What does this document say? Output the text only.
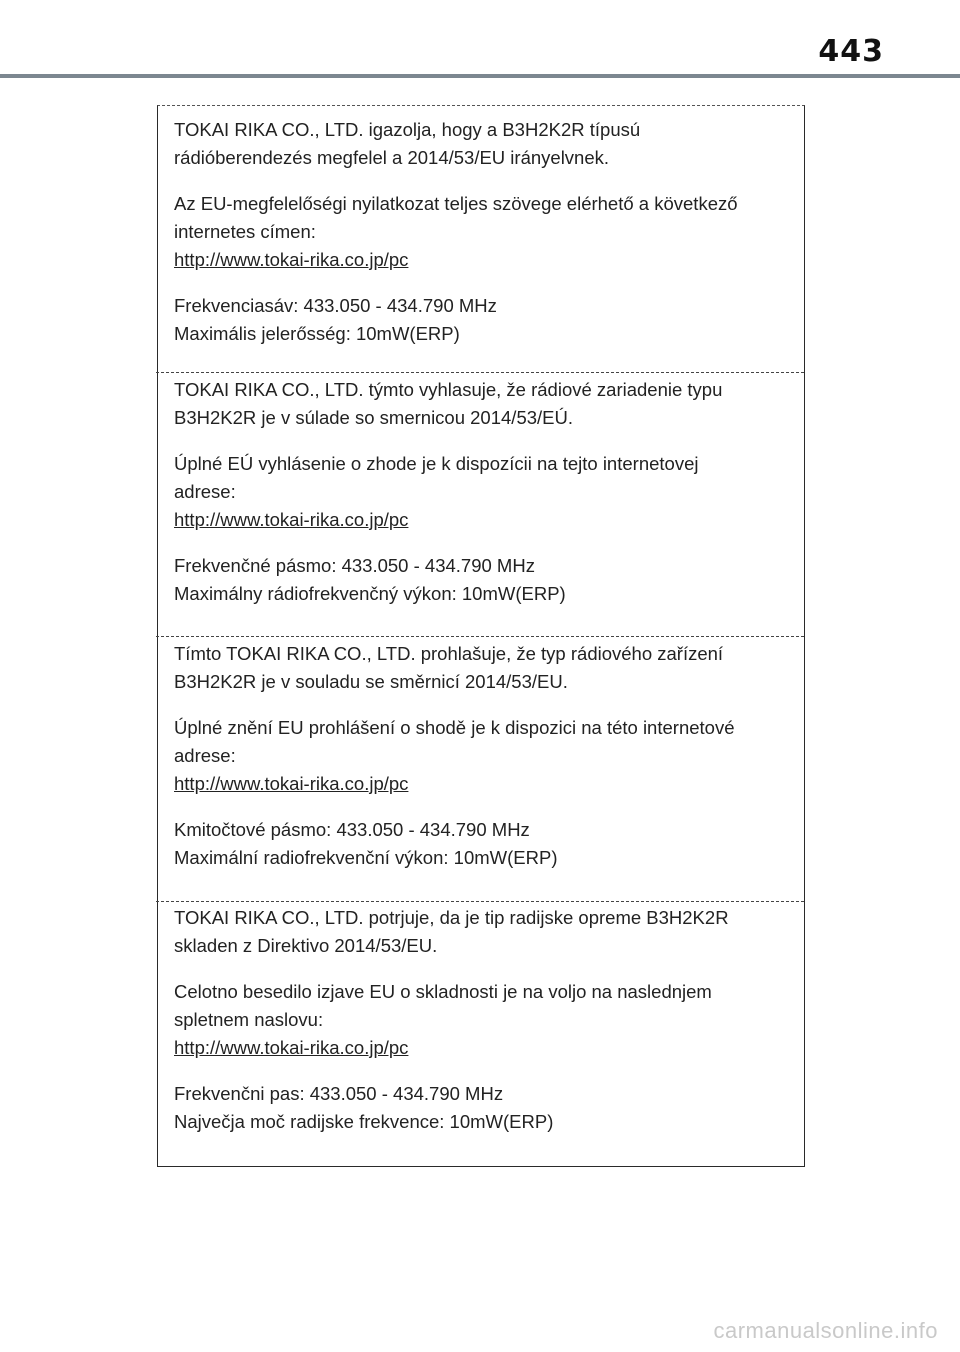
443

TOKAI RIKA CO., LTD. igazolja, hogy a B3H2K2R típusú

rádióberendezés megfelel a 2014/53/EU irányelvnek.

Az EU-megfelelőségi nyilatkozat teljes szövege elérhető a következő

internetes címen:

http://www.tokai-rika.co.jp/pc

Frekvenciasáv: 433.050 - 434.790 MHz

Maximális jelerősség: 10mW(ERP)

TOKAI RIKA CO., LTD. týmto vyhlasuje, že rádiové zariadenie typu

B3H2K2R je v súlade so smernicou 2014/53/EÚ.

Úplné EÚ vyhlásenie o zhode je k dispozícii na tejto internetovej

adrese:

http://www.tokai-rika.co.jp/pc

Frekvenčné pásmo: 433.050 - 434.790 MHz

Maximálny rádiofrekvenčný výkon: 10mW(ERP)

Tímto TOKAI RIKA CO., LTD. prohlašuje, že typ rádiového zařízení

B3H2K2R je v souladu se směrnicí 2014/53/EU.

Úplné znění EU prohlášení o shodě je k dispozici na této internetové

adrese:

http://www.tokai-rika.co.jp/pc

Kmitočtové pásmo: 433.050 - 434.790 MHz

Maximální radiofrekvenční výkon: 10mW(ERP)

TOKAI RIKA CO., LTD. potrjuje, da je tip radijske opreme B3H2K2R

skladen z Direktivo 2014/53/EU.

Celotno besedilo izjave EU o skladnosti je na voljo na naslednjem

spletnem naslovu:

http://www.tokai-rika.co.jp/pc

Frekvenčni pas: 433.050 - 434.790 MHz

Največja moč radijske frekvence: 10mW(ERP)

carmanualsonline.info
